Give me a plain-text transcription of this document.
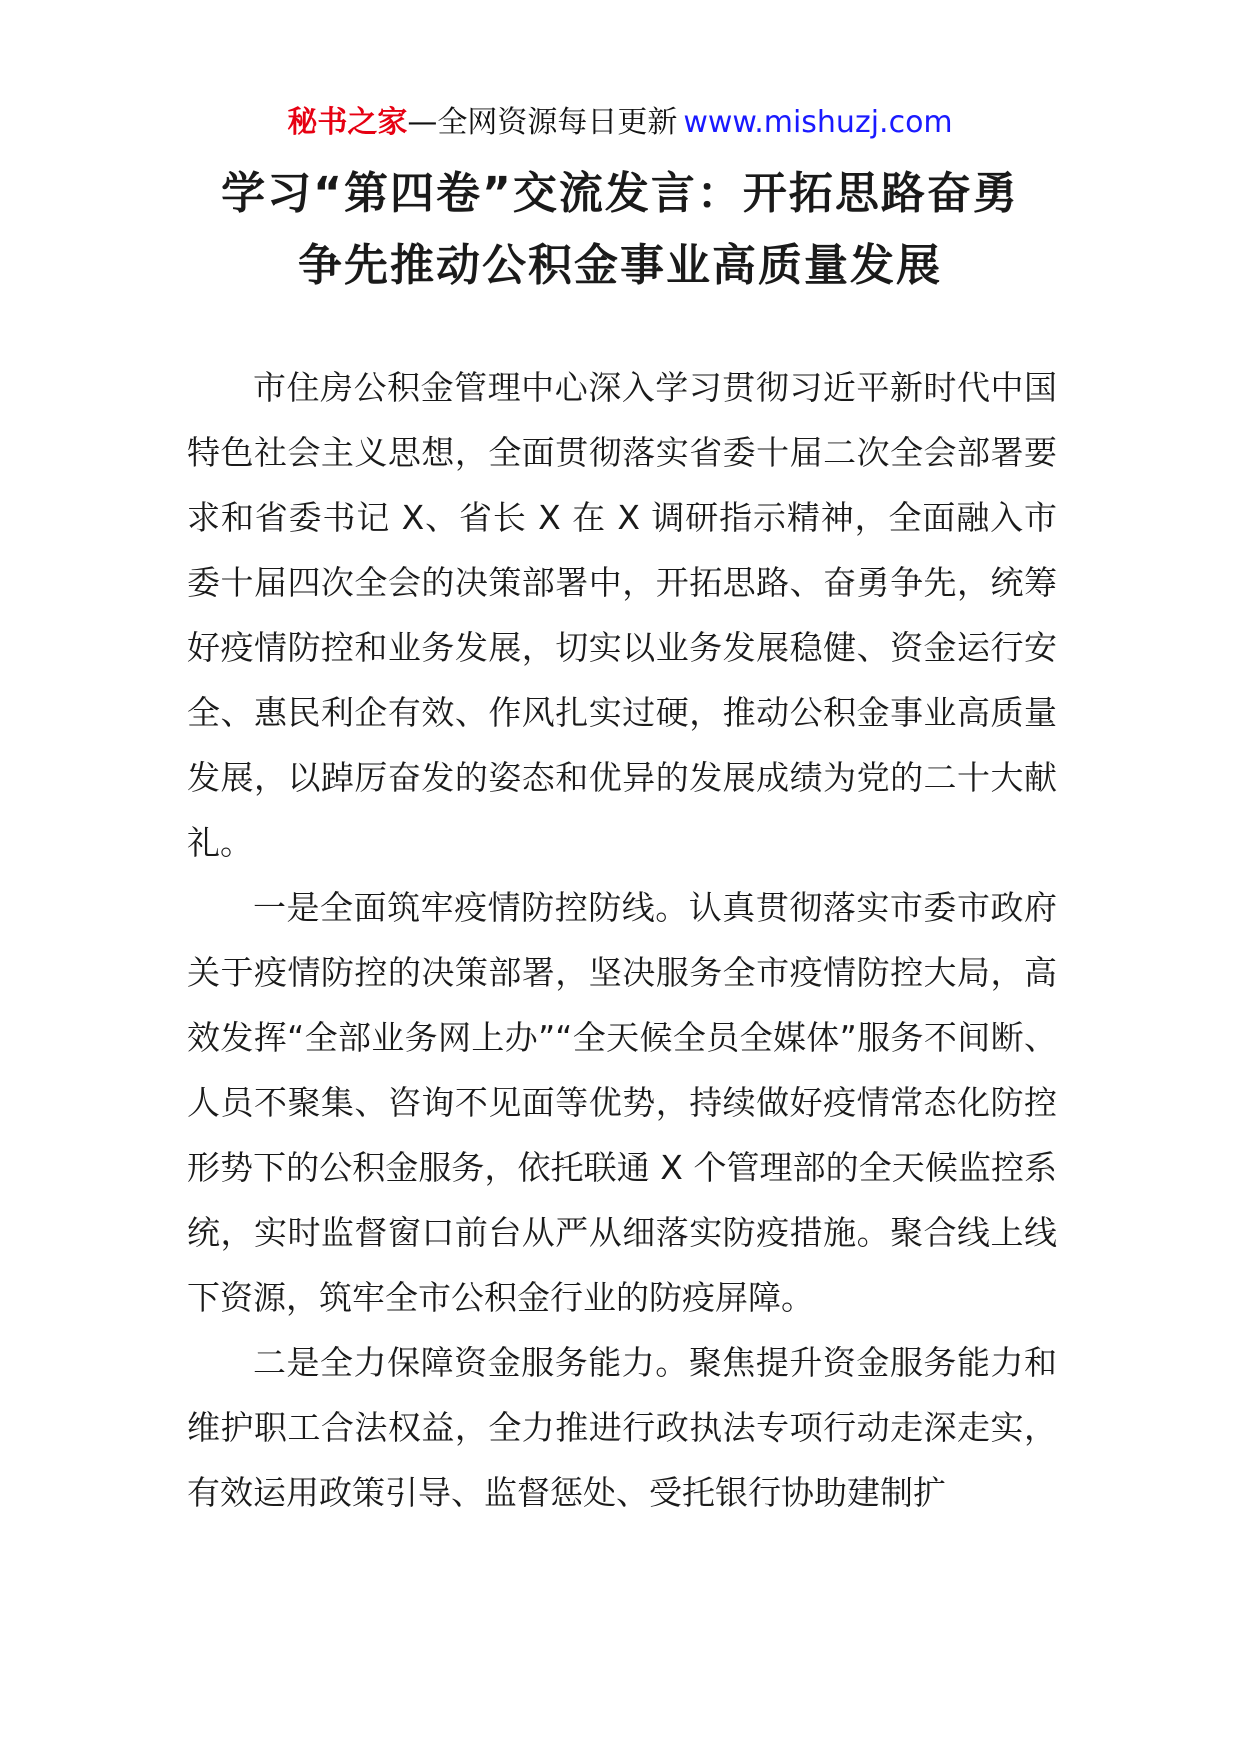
秘书之家—全网资源每日更新 www.mishuzj.com
学习“第四卷”交流发言：开拓思路奋勇
争先推动公积金事业高质量发展

市住房公积金管理中心深入学习贯彻习近平新时代中国特色社会主义思想，全面贯彻落实省委十届二次全会部署要求和省委书记 X、省长 X 在 X 调研指示精神，全面融入市委十届四次全会的决策部署中，开拓思路、奋勇争先，统筹好疫情防控和业务发展，切实以业务发展稳健、资金运行安全、惠民利企有效、作风扎实过硬，推动公积金事业高质量发展，以踔厉奋发的姿态和优异的发展成绩为党的二十大献礼。

一是全面筑牢疫情防控防线。认真贯彻落实市委市政府关于疫情防控的决策部署，坚决服务全市疫情防控大局，高效发挥“全部业务网上办”“全天候全员全媒体”服务不间断、人员不聚集、咨询不见面等优势，持续做好疫情常态化防控形势下的公积金服务，依托联通 X 个管理部的全天候监控系统，实时监督窗口前台从严从细落实防疫措施。聚合线上线下资源，筑牢全市公积金行业的防疫屏障。

二是全力保障资金服务能力。聚焦提升资金服务能力和维护职工合法权益，全力推进行政执法专项行动走深走实，有效运用政策引导、监督惩处、受托银行协助建制扩
